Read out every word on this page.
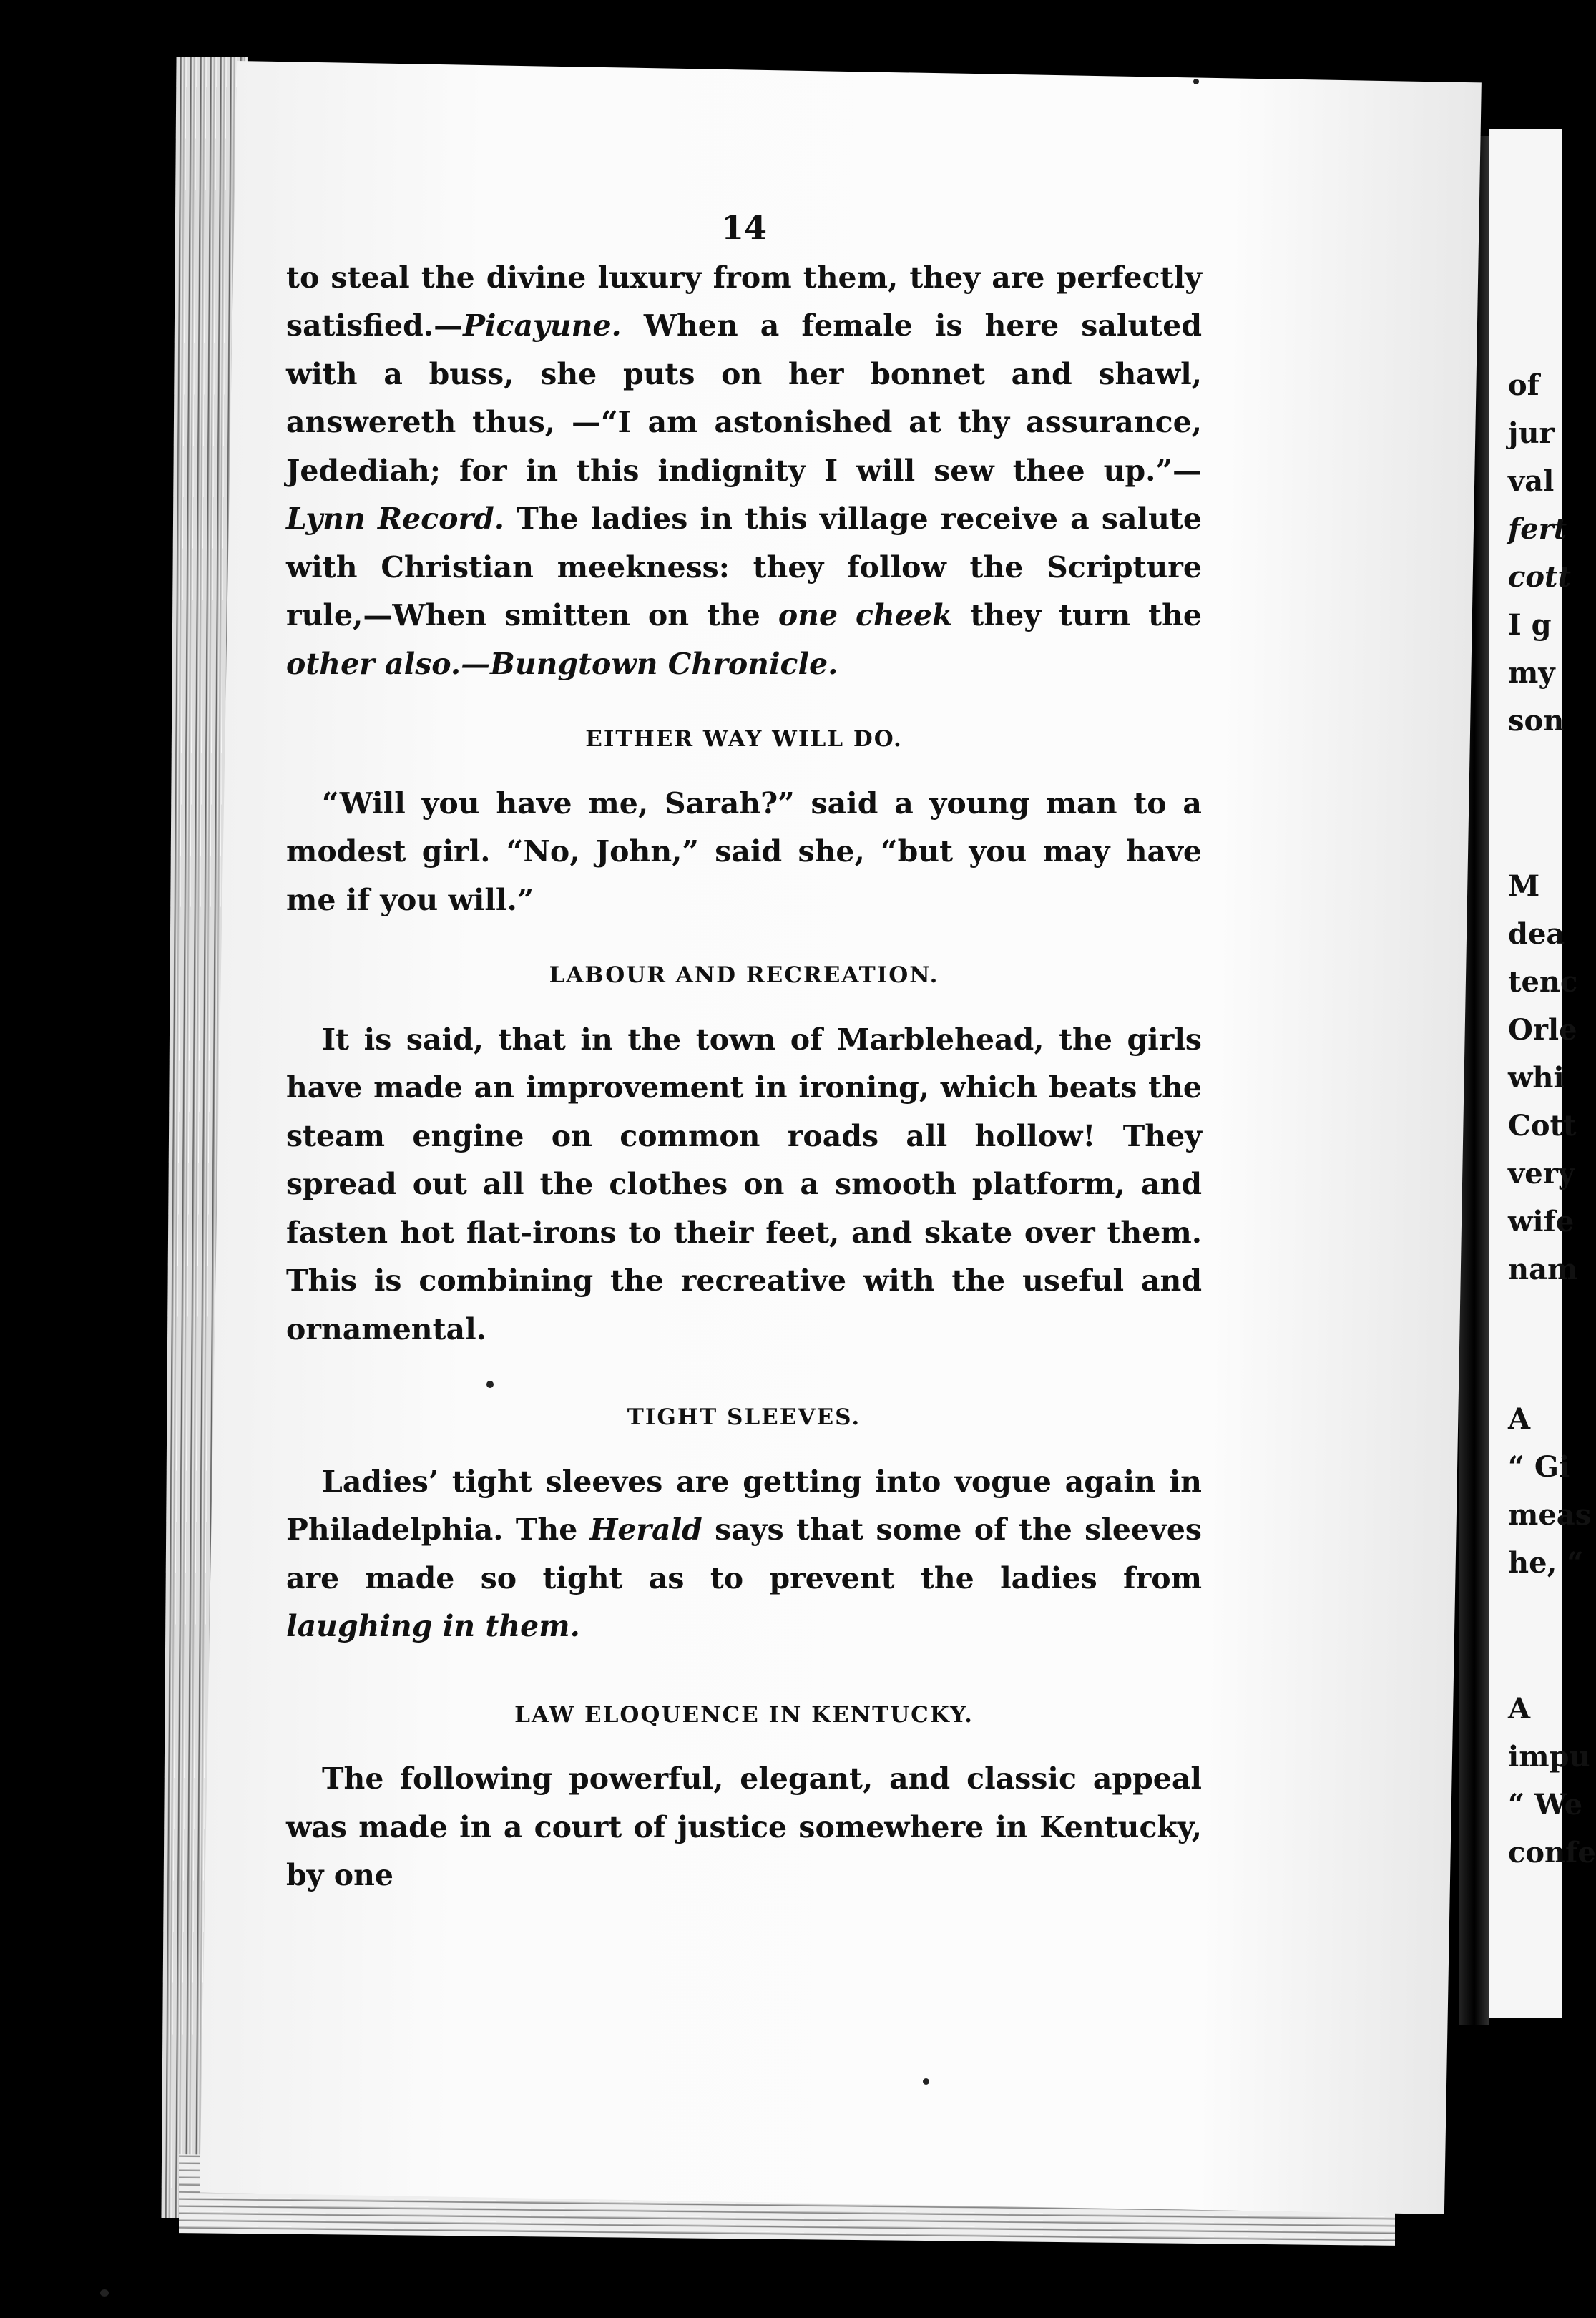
14

to steal the divine luxury from them, they are perfectly satisfied.—Picayune. When a female is here saluted with a buss, she puts on her bonnet and shawl, answereth thus, —“I am astonished at thy assurance, Jedediah; for in this indignity I will sew thee up.”—Lynn Record. The ladies in this village receive a salute with Christian meekness: they follow the Scripture rule,—When smitten on the one cheek they turn the other also.—Bungtown Chronicle.

EITHER WAY WILL DO.

“Will you have me, Sarah?” said a young man to a modest girl. “No, John,” said she, “but you may have me if you will.”

LABOUR AND RECREATION.

It is said, that in the town of Marblehead, the girls have made an improvement in ironing, which beats the steam engine on common roads all hollow! They spread out all the clothes on a smooth platform, and fasten hot flat-irons to their feet, and skate over them. This is combining the recreative with the useful and ornamental.

TIGHT SLEEVES.

Ladies’ tight sleeves are getting into vogue again in Philadelphia. The Herald says that some of the sleeves are made so tight as to prevent the ladies from laughing in them.

LAW ELOQUENCE IN KENTUCKY.

The following powerful, elegant, and classic appeal was made in a court of justice somewhere in Kentucky, by one

of
jur
val
fert
cott
I g
my
son
M
dea
tenc
Orle
whi
Cott
very
wife
nam
A
“ Gi
meas
he, “
A
impu
“ We
confe
